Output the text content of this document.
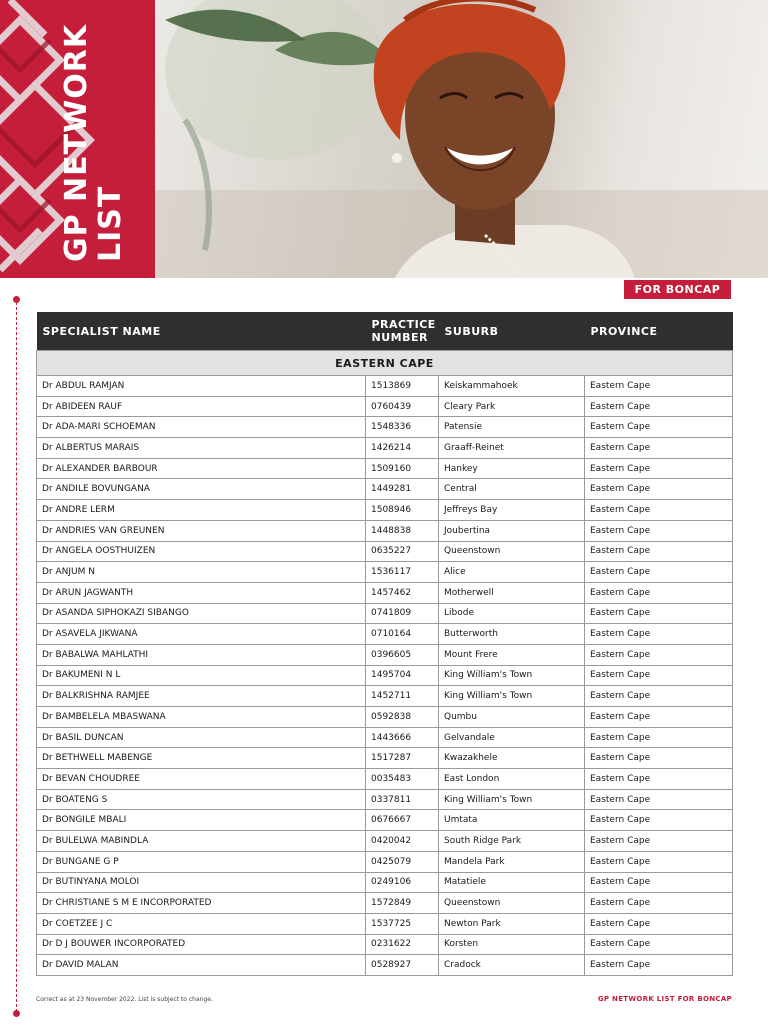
GP NETWORK LIST
FOR BONCAP
SPECIALIST NAME	PRACTICE NUMBER	SUBURB	PROVINCE
EASTERN CAPE			
Dr ABDUL RAMJAN	1513869	Keiskammahoek	Eastern Cape
Dr ABIDEEN RAUF	0760439	Cleary Park	Eastern Cape
Dr ADA-MARI SCHOEMAN	1548336	Patensie	Eastern Cape
Dr ALBERTUS MARAIS	1426214	Graaff-Reinet	Eastern Cape
Dr ALEXANDER BARBOUR	1509160	Hankey	Eastern Cape
Dr ANDILE BOVUNGANA	1449281	Central	Eastern Cape
Dr ANDRE LERM	1508946	Jeffreys Bay	Eastern Cape
Dr ANDRIES VAN GREUNEN	1448838	Joubertina	Eastern Cape
Dr ANGELA OOSTHUIZEN	0635227	Queenstown	Eastern Cape
Dr ANJUM N	1536117	Alice	Eastern Cape
Dr ARUN JAGWANTH	1457462	Motherwell	Eastern Cape
Dr ASANDA SIPHOKAZI SIBANGO	0741809	Libode	Eastern Cape
Dr ASAVELA JIKWANA	0710164	Butterworth	Eastern Cape
Dr BABALWA MAHLATHI	0396605	Mount Frere	Eastern Cape
Dr BAKUMENI N L	1495704	King William's Town	Eastern Cape
Dr BALKRISHNA RAMJEE	1452711	King William's Town	Eastern Cape
Dr BAMBELELA MBASWANA	0592838	Qumbu	Eastern Cape
Dr BASIL DUNCAN	1443666	Gelvandale	Eastern Cape
Dr BETHWELL MABENGE	1517287	Kwazakhele	Eastern Cape
Dr BEVAN CHOUDREE	0035483	East London	Eastern Cape
Dr BOATENG S	0337811	King William's Town	Eastern Cape
Dr BONGILE MBALI	0676667	Umtata	Eastern Cape
Dr BULELWA MABINDLA	0420042	South Ridge Park	Eastern Cape
Dr BUNGANE G P	0425079	Mandela Park	Eastern Cape
Dr BUTINYANA MOLOI	0249106	Matatiele	Eastern Cape
Dr CHRISTIANE S M E INCORPORATED	1572849	Queenstown	Eastern Cape
Dr COETZEE J C	1537725	Newton Park	Eastern Cape
Dr D J BOUWER INCORPORATED	0231622	Korsten	Eastern Cape
Dr DAVID MALAN	0528927	Cradock	Eastern Cape
Correct as at 23 November 2022. List is subject to change.	GP NETWORK LIST FOR BONCAP
